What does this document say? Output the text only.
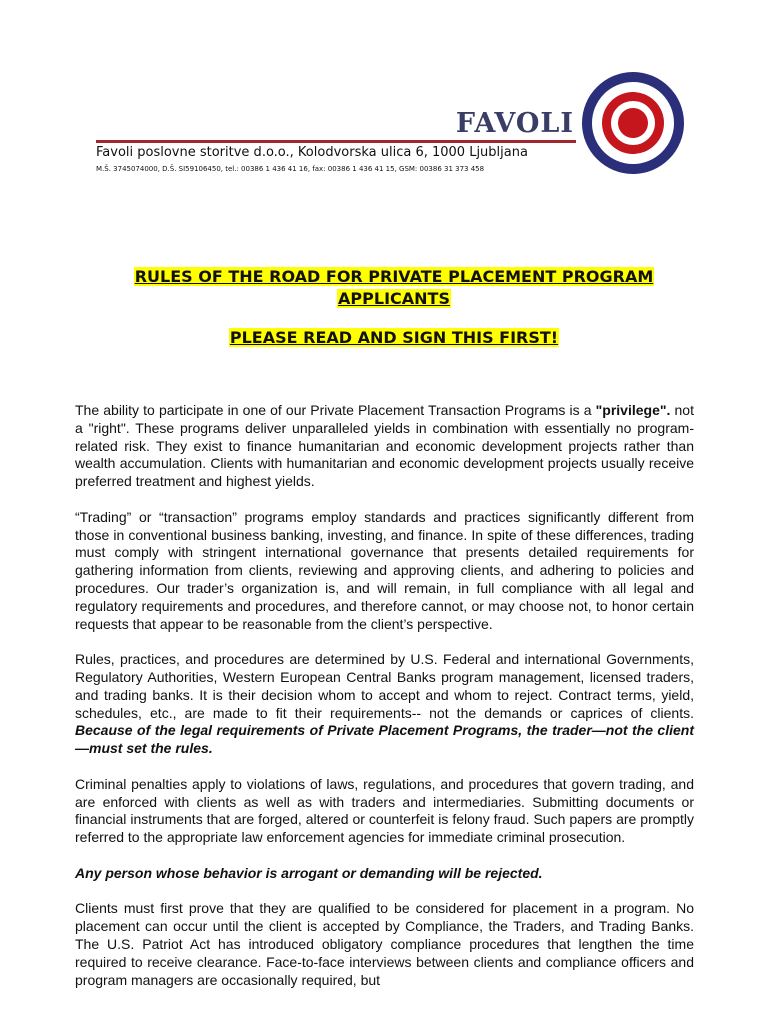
FAVOLI
Favoli poslovne storitve d.o.o., Kolodvorska ulica 6, 1000 Ljubljana
M.Š. 3745074000, D.Š. SI59106450, tel.: 00386 1 436 41 16, fax: 00386 1 436 41 15, GSM: 00386 31 373 458
RULES OF THE ROAD FOR PRIVATE PLACEMENT PROGRAM
APPLICANTS
PLEASE READ AND SIGN THIS FIRST!

The ability to participate in one of our Private Placement Transaction Programs is a "privilege". not a "right". These programs deliver unparalleled yields in combination with essentially no program-related risk. They exist to finance humanitarian and economic development projects rather than wealth accumulation. Clients with humanitarian and economic development projects usually receive preferred treatment and highest yields.

“Trading” or “transaction” programs employ standards and practices significantly different from those in conventional business banking, investing, and finance. In spite of these differences, trading must comply with stringent international governance that presents detailed requirements for gathering information from clients, reviewing and approving clients, and adhering to policies and procedures. Our trader’s organization is, and will remain, in full compliance with all legal and regulatory requirements and procedures, and therefore cannot, or may choose not, to honor certain requests that appear to be reasonable from the client’s perspective.

Rules, practices, and procedures are determined by U.S. Federal and international Governments, Regulatory Authorities, Western European Central Banks program management, licensed traders, and trading banks. It is their decision whom to accept and whom to reject. Contract terms, yield, schedules, etc., are made to fit their requirements-- not the demands or caprices of clients. Because of the legal requirements of Private Placement Programs, the trader—not the client—must set the rules.

Criminal penalties apply to violations of laws, regulations, and procedures that govern trading, and are enforced with clients as well as with traders and intermediaries. Submitting documents or financial instruments that are forged, altered or counterfeit is felony fraud. Such papers are promptly referred to the appropriate law enforcement agencies for immediate criminal prosecution.

Any person whose behavior is arrogant or demanding will be rejected.

Clients must first prove that they are qualified to be considered for placement in a program. No placement can occur until the client is accepted by Compliance, the Traders, and Trading Banks. The U.S. Patriot Act has introduced obligatory compliance procedures that lengthen the time required to receive clearance. Face-to-face interviews between clients and compliance officers and program managers are occasionally required, but
